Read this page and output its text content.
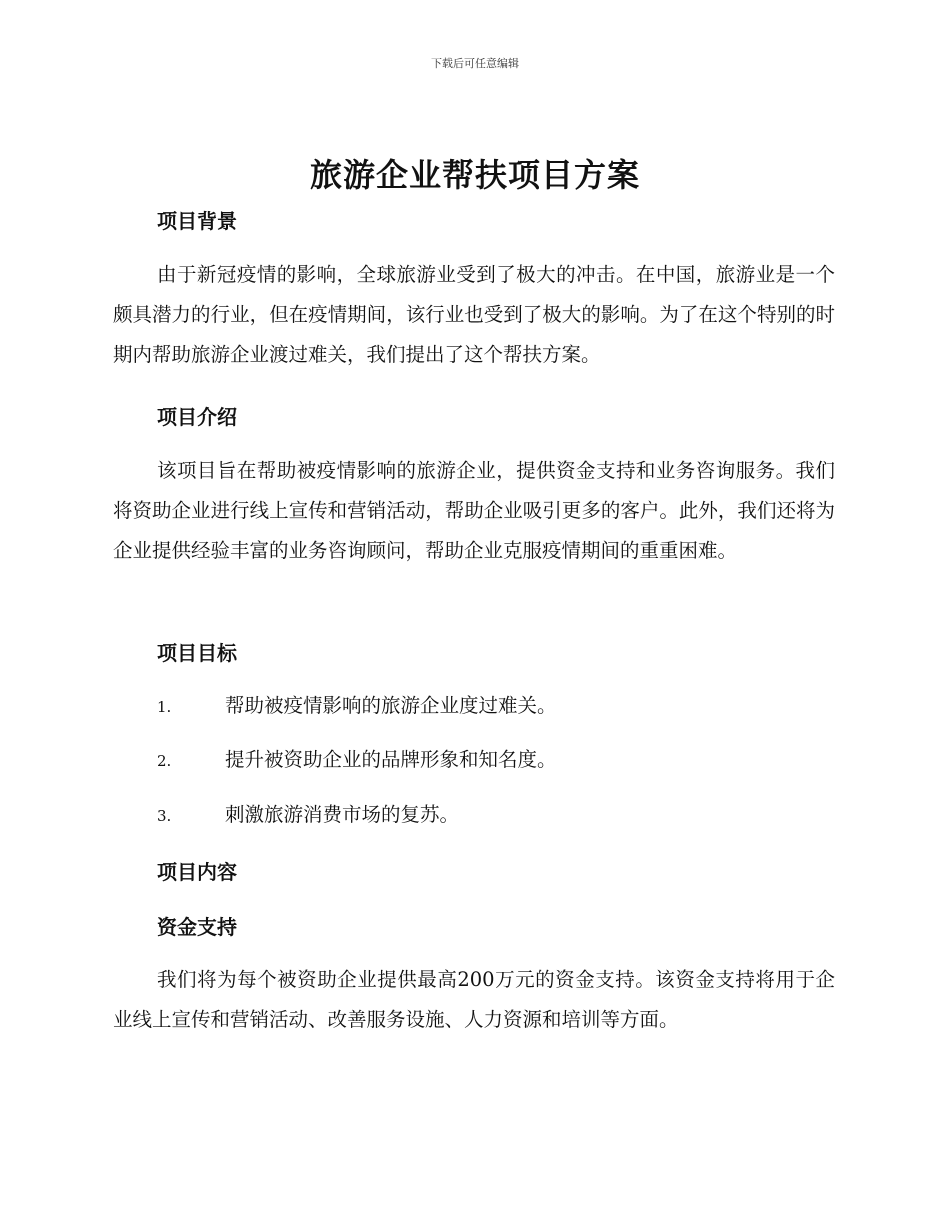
下载后可任意编辑
旅游企业帮扶项目方案
项目背景

由于新冠疫情的影响，全球旅游业受到了极大的冲击。在中国，旅游业是一个颇具潜力的行业，但在疫情期间，该行业也受到了极大的影响。为了在这个特别的时期内帮助旅游企业渡过难关，我们提出了这个帮扶方案。

项目介绍

该项目旨在帮助被疫情影响的旅游企业，提供资金支持和业务咨询服务。我们将资助企业进行线上宣传和营销活动，帮助企业吸引更多的客户。此外，我们还将为企业提供经验丰富的业务咨询顾问，帮助企业克服疫情期间的重重困难。

项目目标
1.	帮助被疫情影响的旅游企业度过难关。
2.	提升被资助企业的品牌形象和知名度。
3.	刺激旅游消费市场的复苏。
项目内容
资金支持

我们将为每个被资助企业提供最高200万元的资金支持。该资金支持将用于企业线上宣传和营销活动、改善服务设施、人力资源和培训等方面。
